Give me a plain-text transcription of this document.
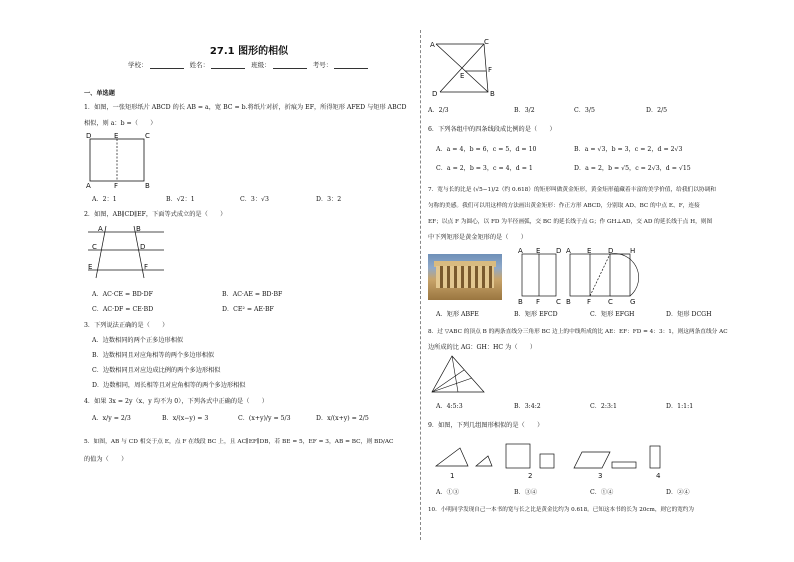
27.1 图形的相似
学校：	姓名：	班级：	考号：
一、单选题
1．如图，一张矩形纸片 ABCD 的长 AB = a，宽 BC = b.将纸片对折，折痕为 EF，所得矩形 AFED 与矩形 ABCD
相似，则 a：b =（　　）
D	E	C
A	F	B
A．2：1	B．√2：1	C．3：√3	D．3：2
2．如图，AB∥CD∥EF，下面等式成立的是（　　）
A	B
C	D
E	F
A．AC·CE = BD·DF	B．AC·AE = BD·BF
C．AC·DF = CE·BD	D．CE² = AE·BF
3．下列说法正确的是（　　）
A．边数相同的两个正多边形相似
B．边数相同且对应角相等的两个多边形相似
C．边数相同且对应边成比例的两个多边形相似
D．边数相同，周长相等且对应角相等的两个多边形相似
4．如果 3x = 2y（x、y 均不为 0），下列各式中正确的是（　　）
A．x/y = 2/3	B．x/(x−y) = 3	C．(x+y)/y = 5/3	D．x/(x+y) = 2/5
5．如图，AB 与 CD 相交于点 E，点 F 在线段 BC 上，且 AC∥EF∥DB，若 BE = 5，EF = 3，AB = BC，则 BD/AC
的值为（　　）
A	C
E
F
D	B
A．2/3	B．3/2	C．3/5	D．2/5
6．下列各组中的四条线段成比例的是（　　）
A．a = 4，b = 6，c = 5，d = 10	B．a = √3，b = 3，c = 2，d = 2√3
C．a = 2，b = 3，c = 4，d = 1	D．a = 2，b = √5，c = 2√3，d = √15
7．宽与长的比是 (√5−1)/2（约 0.618）的矩形叫做黄金矩形，黄金矩形蕴藏着丰富的美学价值，给我们以协调和
匀称的美感。我们可以用这样的方法画出黄金矩形：作正方形 ABCD，分别取 AD、BC 的中点 E、F，连接
EF；以点 F 为圆心，以 FD 为半径画弧，交 BC 的延长线于点 G；作 GH⊥AD，交 AD 的延长线于点 H，则图
中下列矩形是黄金矩形的是（　　）
A E D
B F C
A E D H
B F C G
A．矩形 ABFE	B．矩形 EFCD	C．矩形 EFGH	D．矩形 DCGH
8．过 ▽ABC 的顶点 B 的两条直线分三角形 BC 边上的中线所成的比 AE：EF：FD = 4：3：1，则这两条直线分 AC
边所成的比 AG：GH：HC 为（　　）
A．4:5:3	B．3:4:2	C．2:3:1	D．1:1:1
9．如图，下列几组图形相似的是（　　）
1	2	3	4
A．①③	B．③④	C．①④	D．②④
10．小明同学发现自己一本书的宽与长之比是黄金比约为 0.618。已知这本书的长为 20cm，则它的宽约为
